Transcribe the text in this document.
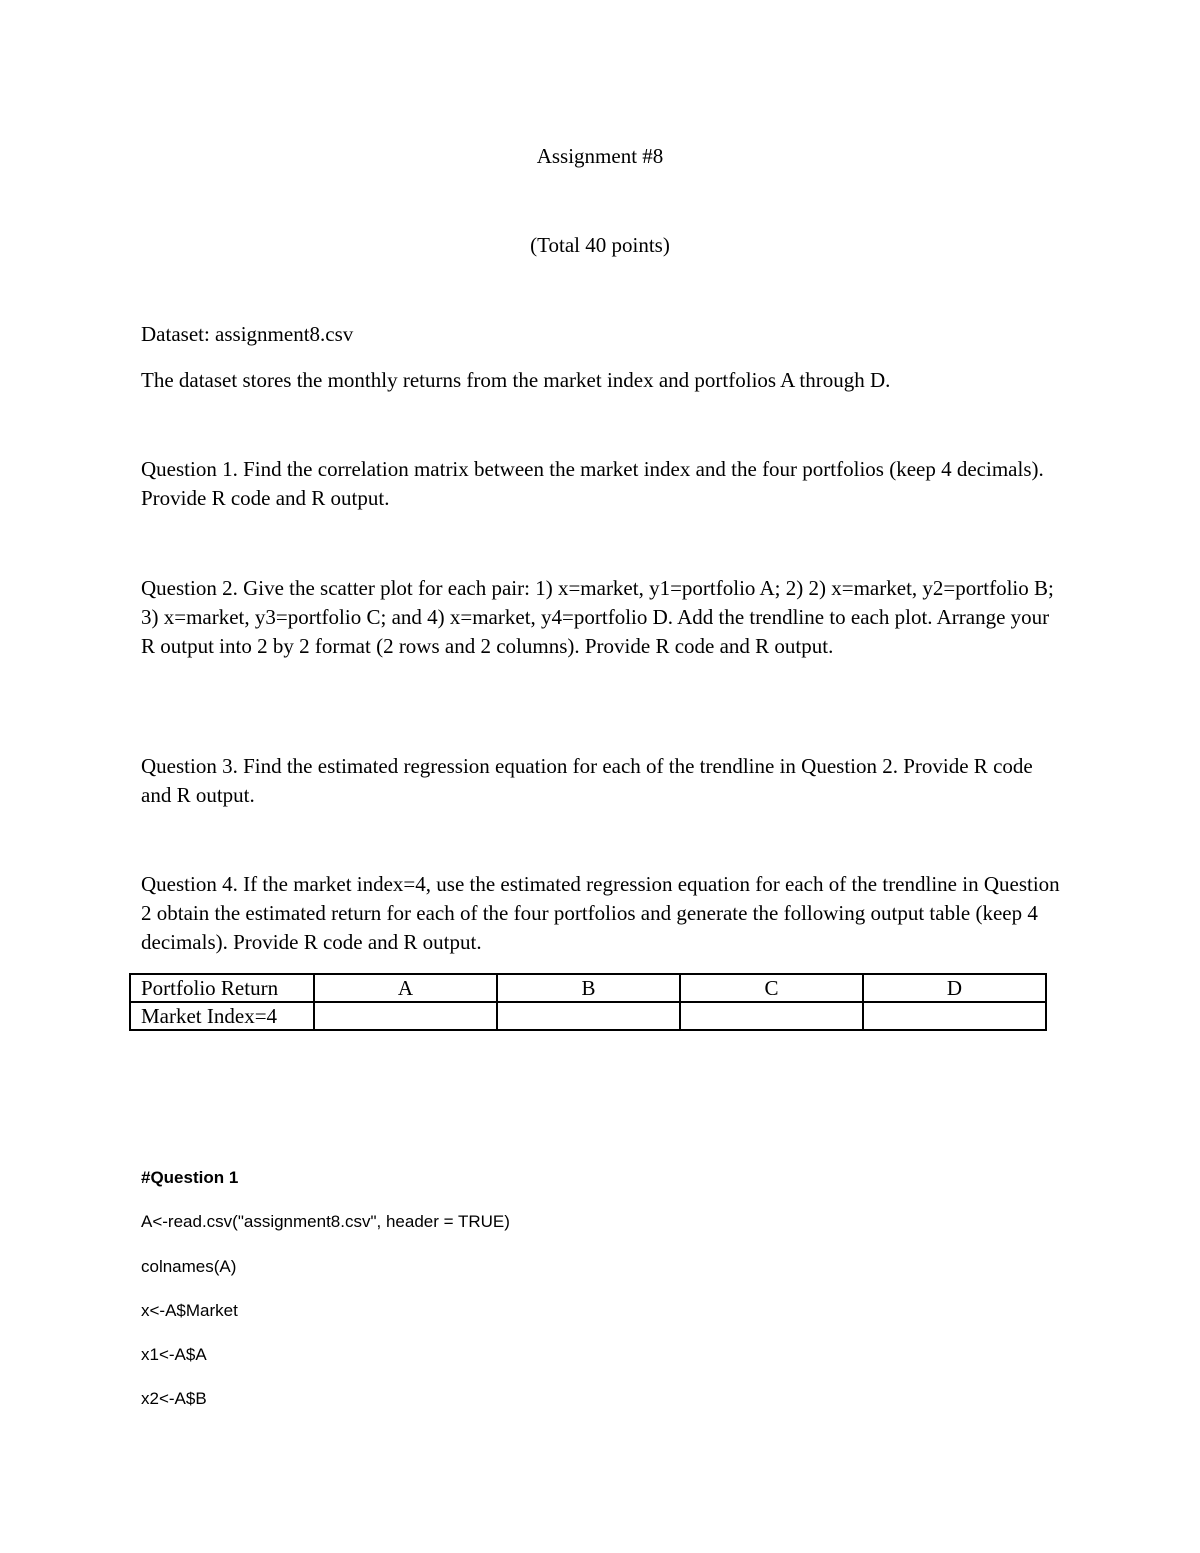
Assignment #8

(Total 40 points)

Dataset: assignment8.csv

The dataset stores the monthly returns from the market index and portfolios A through D.

Question 1. Find the correlation matrix between the market index and the four portfolios (keep 4 decimals). Provide R code and R output.

Question 2. Give the scatter plot for each pair: 1) x=market, y1=portfolio A; 2) 2) x=market, y2=portfolio B; 3) x=market, y3=portfolio C; and 4) x=market, y4=portfolio D. Add the trendline to each plot. Arrange your R output into 2 by 2 format (2 rows and 2 columns). Provide R code and R output.

Question 3. Find the estimated regression equation for each of the trendline in Question 2. Provide R code and R output.

Question 4. If the market index=4, use the estimated regression equation for each of the trendline in Question 2 obtain the estimated return for each of the four portfolios and generate the following output table (keep 4 decimals). Provide R code and R output.

Portfolio Return	A	B	C	D
Market Index=4				

#Question 1

A<-read.csv("assignment8.csv", header = TRUE)

colnames(A)

x<-A$Market

x1<-A$A

x2<-A$B
